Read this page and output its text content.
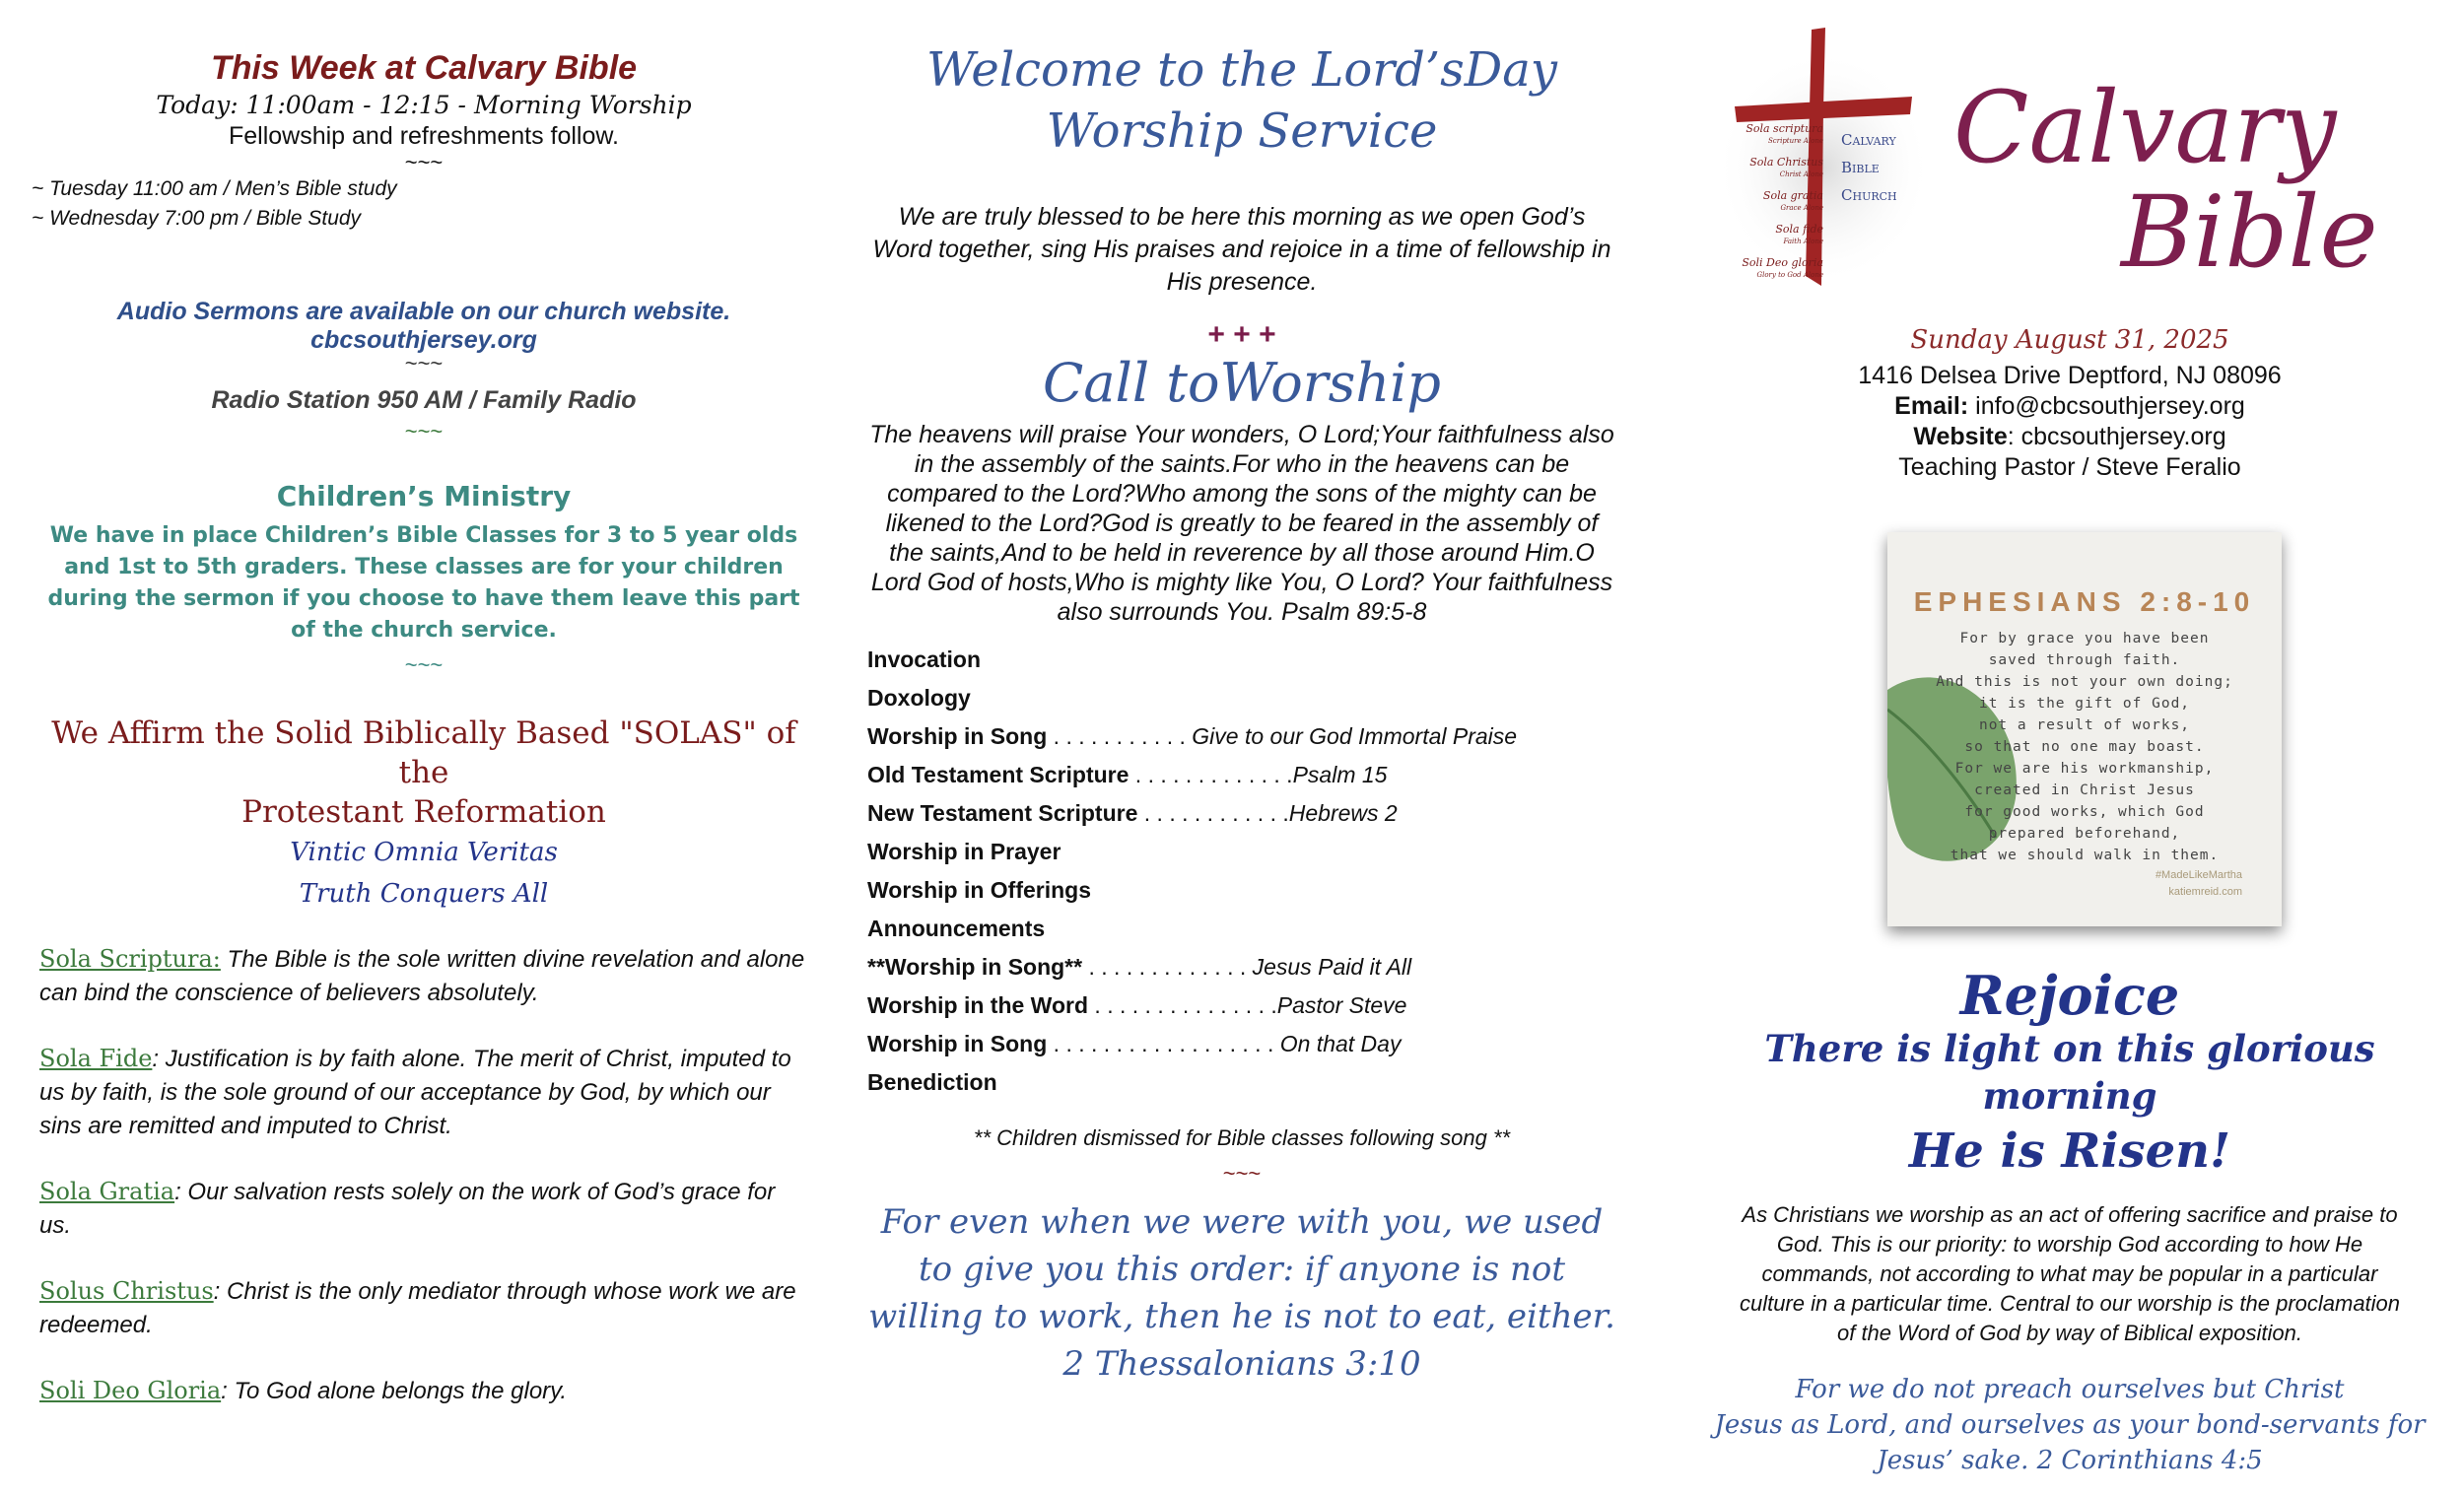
This Week at Calvary Bible
Today: 11:00am - 12:15 - Morning Worship
Fellowship and refreshments follow.
~~~
~ Tuesday 11:00 am / Men’s Bible study
~ Wednesday 7:00 pm / Bible Study
Audio Sermons are available on our church website.
cbcsouthjersey.org
~~~
Radio Station 950 AM / Family Radio
~~~
Children’s Ministry
We have in place Children’s Bible Classes for 3 to 5 year olds and 1st to 5th graders. These classes are for your children during the sermon if you choose to have them leave this part of the church service.
~~~
We Affirm the Solid Biblically Based "SOLAS" of the
Protestant Reformation
Vintic Omnia Veritas
Truth Conquers All

Sola Scriptura: The Bible is the sole written divine revelation and alone can bind the conscience of believers absolutely.

Sola Fide: Justification is by faith alone. The merit of Christ, imputed to us by faith, is the sole ground of our acceptance by God, by which our sins are remitted and imputed to Christ.

Sola Gratia: Our salvation rests solely on the work of God’s grace for us.

Solus Christus: Christ is the only mediator through whose work we are redeemed.

Soli Deo Gloria: To God alone belongs the glory.

Welcome to the Lord’sDay
Worship Service
We are truly blessed to be here this morning as we open God’s Word together, sing His praises and rejoice in a time of fellowship in His presence.
+ + +
Call toWorship
The heavens will praise Your wonders, O Lord;Your faithfulness also in the assembly of the saints.For who in the heavens can be compared to the Lord?Who among the sons of the mighty can be likened to the Lord?God is greatly to be feared in the assembly of the saints,And to be held in reverence by all those around Him.O Lord God of hosts,Who is mighty like You, O Lord? Your faithfulness also surrounds You. Psalm 89:5-8
Invocation
Doxology
Worship in Song . . . . . . . . . . . Give to our God Immortal Praise
Old Testament Scripture . . . . . . . . . . . . .Psalm 15
New Testament Scripture . . . . . . . . . . . .Hebrews 2
Worship in Prayer
Worship in Offerings
Announcements
**Worship in Song** . . . . . . . . . . . . . Jesus Paid it All
Worship in the Word . . . . . . . . . . . . . . .Pastor Steve
Worship in Song . . . . . . . . . . . . . . . . . . On that Day
Benediction
** Children dismissed for Bible classes following song **
~~~
For even when we were with you, we used to give you this order: if anyone is not willing to work, then he is not to eat, either. 2 Thessalonians 3:10
Sola scriptura
Scripture Alone
Sola Christus
Christ Alone
Sola gratia
Grace Alone
Sola fide
Faith Alone
Soli Deo gloria
Glory to God Alone
Calvary
Bible
Church
Calvary
Bible
Sunday August 31, 2025
1416 Delsea Drive Deptford, NJ 08096
Email: info@cbcsouthjersey.org
Website: cbcsouthjersey.org
Teaching Pastor / Steve Feralio
EPHESIANS 2:8-10
For by grace you have been
saved through faith.
And this is not your own doing;
it is the gift of God,
not a result of works,
so that no one may boast.
For we are his workmanship,
created in Christ Jesus
for good works, which God
prepared beforehand,
that we should walk in them.
#MadeLikeMartha
katiemreid.com
Rejoice
There is light on this glorious morning
He is Risen!
As Christians we worship as an act of offering sacrifice and praise to God. This is our priority: to worship God according to how He commands, not according to what may be popular in a particular culture in a particular time. Central to our worship is the proclamation of the Word of God by way of Biblical exposition.
For we do not preach ourselves but Christ
Jesus as Lord, and ourselves as your bond-servants for
Jesus’ sake. 2 Corinthians 4:5
